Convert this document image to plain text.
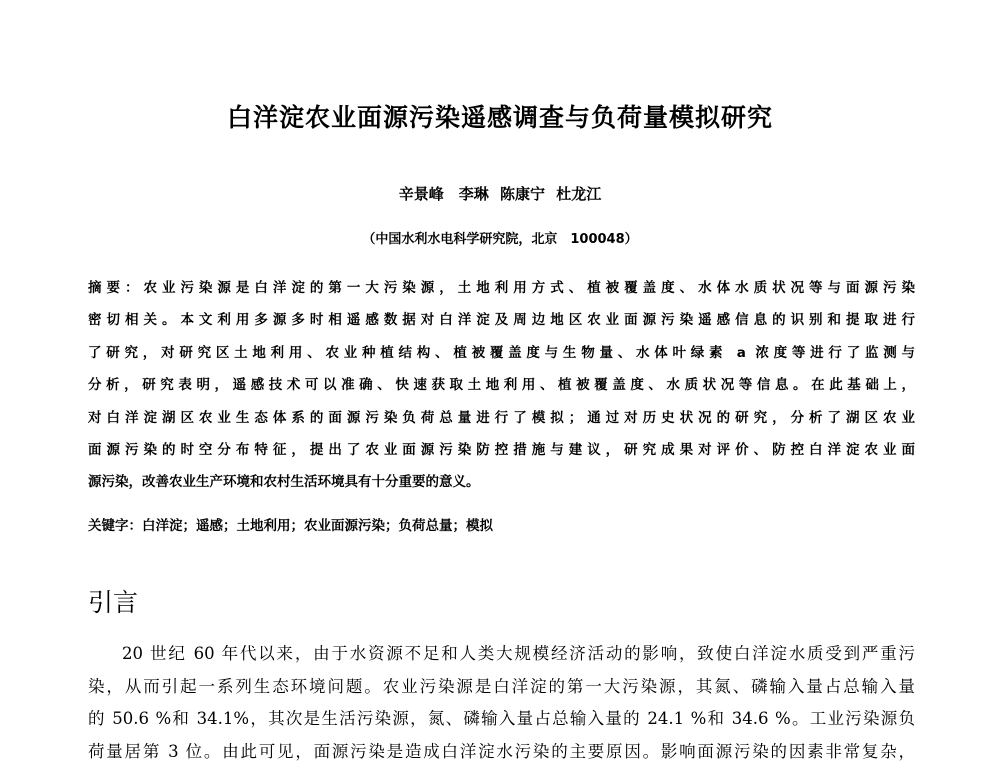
白洋淀农业面源污染遥感调查与负荷量模拟研究
辛景峰　李琳 陈康宁 杜龙江
（中国水利水电科学研究院，北京　100048）
摘要：农业污染源是白洋淀的第一大污染源，土地利用方式、植被覆盖度、水体水质状况等与面源污染
密切相关。本文利用多源多时相遥感数据对白洋淀及周边地区农业面源污染遥感信息的识别和提取进行
了研究，对研究区土地利用、农业种植结构、植被覆盖度与生物量、水体叶绿素 a 浓度等进行了监测与
分析，研究表明，遥感技术可以准确、快速获取土地利用、植被覆盖度、水质状况等信息。在此基础上，
对白洋淀湖区农业生态体系的面源污染负荷总量进行了模拟；通过对历史状况的研究，分析了湖区农业
面源污染的时空分布特征，提出了农业面源污染防控措施与建议，研究成果对评价、防控白洋淀农业面
源污染，改善农业生产环境和农村生活环境具有十分重要的意义。
关键字：白洋淀；遥感；土地利用；农业面源污染；负荷总量；模拟
引言
20 世纪 60 年代以来，由于水资源不足和人类大规模经济活动的影响，致使白洋淀水质受到严重污
染，从而引起一系列生态环境问题。农业污染源是白洋淀的第一大污染源，其氮、磷输入量占总输入量
的 50.6 %和 34.1%，其次是生活污染源，氮、磷输入量占总输入量的 24.1 %和 34.6 %。工业污染源负
荷量居第 3 位。由此可见，面源污染是造成白洋淀水污染的主要原因。影响面源污染的因素非常复杂，
